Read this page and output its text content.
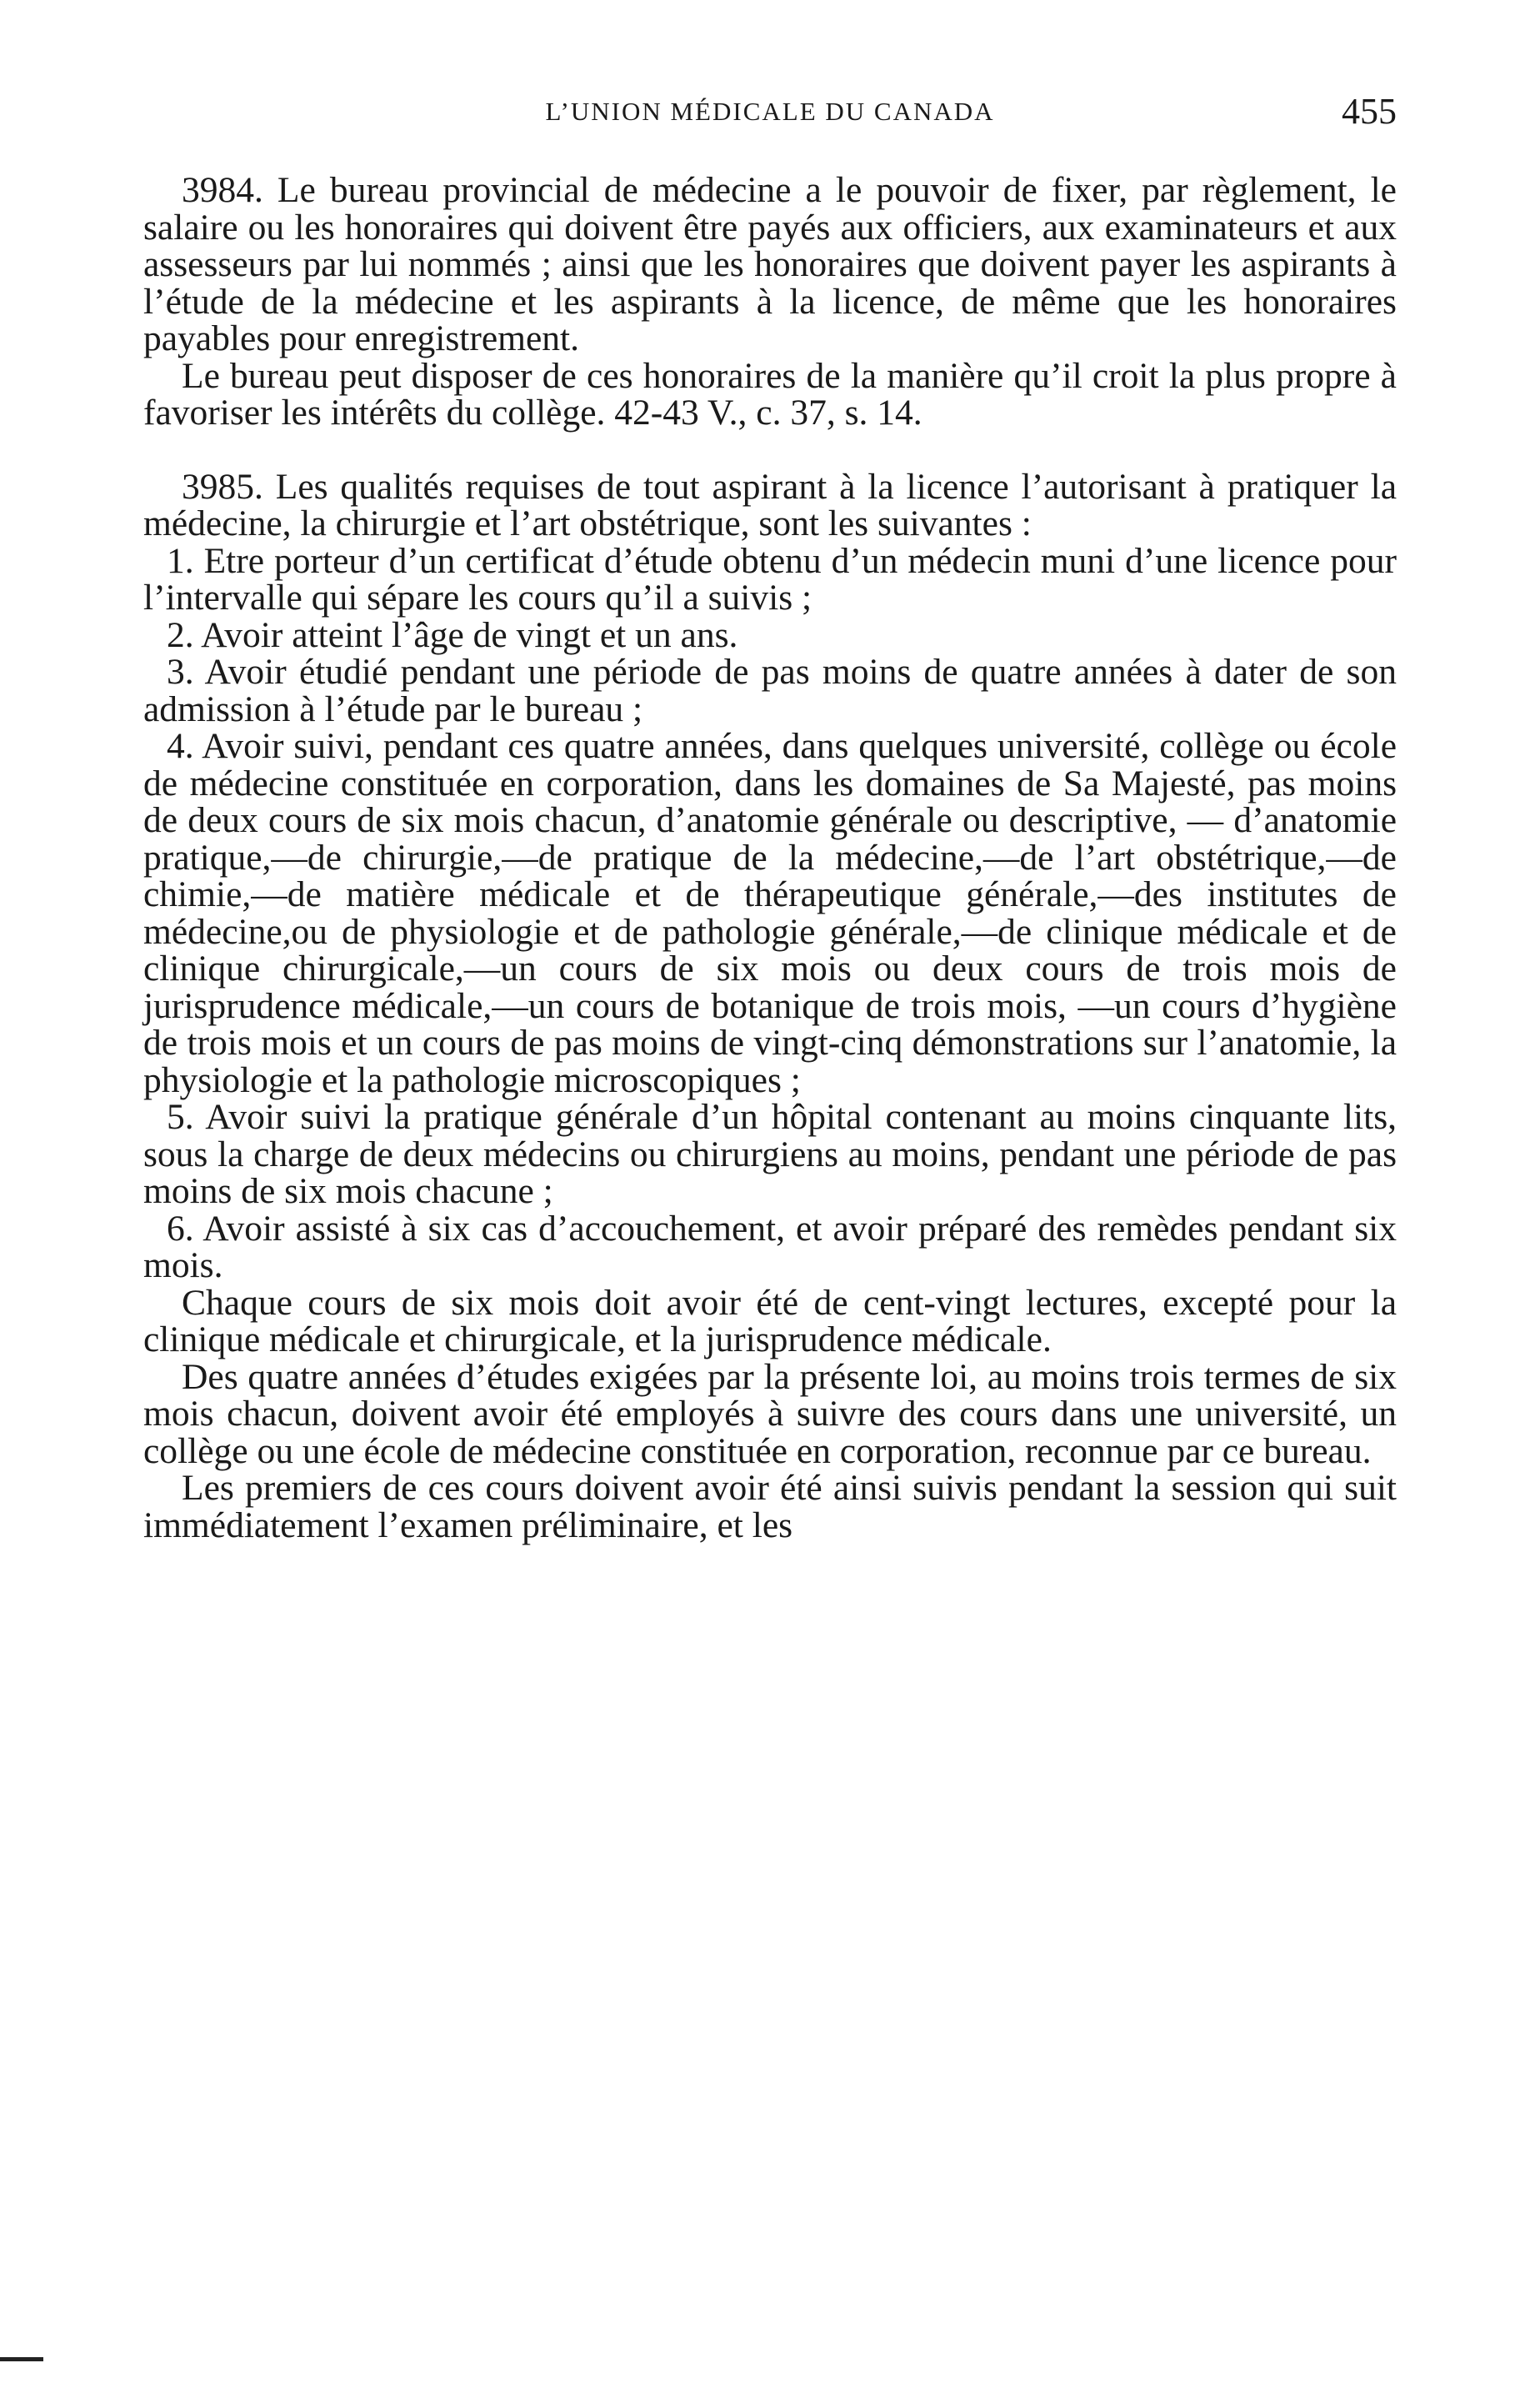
L’UNION MÉDICALE DU CANADA	455

3984. Le bureau provincial de médecine a le pouvoir de fixer, par règlement, le salaire ou les honoraires qui doivent être payés aux officiers, aux examinateurs et aux assesseurs par lui nommés ; ainsi que les honoraires que doivent payer les aspirants à l’étude de la médecine et les aspirants à la licence, de même que les honoraires payables pour enregistrement.

Le bureau peut disposer de ces honoraires de la manière qu’il croit la plus propre à favoriser les intérêts du collège. 42-43 V., c. 37, s. 14.

3985. Les qualités requises de tout aspirant à la licence l’autorisant à pratiquer la médecine, la chirurgie et l’art obstétrique, sont les suivantes :

1. Etre porteur d’un certificat d’étude obtenu d’un médecin muni d’une licence pour l’intervalle qui sépare les cours qu’il a suivis ;

2. Avoir atteint l’âge de vingt et un ans.

3. Avoir étudié pendant une période de pas moins de quatre années à dater de son admission à l’étude par le bureau ;

4. Avoir suivi, pendant ces quatre années, dans quelques université, collège ou école de médecine constituée en corporation, dans les domaines de Sa Majesté, pas moins de deux cours de six mois chacun, d’anatomie générale ou descriptive, — d’anatomie pratique,—de chirurgie,—de pratique de la médecine,—de l’art obstétrique,—de chimie,—de matière médicale et de thérapeutique générale,—des institutes de médecine,ou de physiologie et de pathologie générale,—de clinique médicale et de clinique chirurgicale,—un cours de six mois ou deux cours de trois mois de jurisprudence médicale,—un cours de botanique de trois mois, —un cours d’hygiène de trois mois et un cours de pas moins de vingt-cinq démonstrations sur l’anatomie, la physiologie et la pathologie microscopiques ;

5. Avoir suivi la pratique générale d’un hôpital contenant au moins cinquante lits, sous la charge de deux médecins ou chirurgiens au moins, pendant une période de pas moins de six mois chacune ;

6. Avoir assisté à six cas d’accouchement, et avoir préparé des remèdes pendant six mois.

Chaque cours de six mois doit avoir été de cent-vingt lectures, excepté pour la clinique médicale et chirurgicale, et la jurisprudence médicale.

Des quatre années d’études exigées par la présente loi, au moins trois termes de six mois chacun, doivent avoir été employés à suivre des cours dans une université, un collège ou une école de médecine constituée en corporation, reconnue par ce bureau.

Les premiers de ces cours doivent avoir été ainsi suivis pendant la session qui suit immédiatement l’examen préliminaire, et les
